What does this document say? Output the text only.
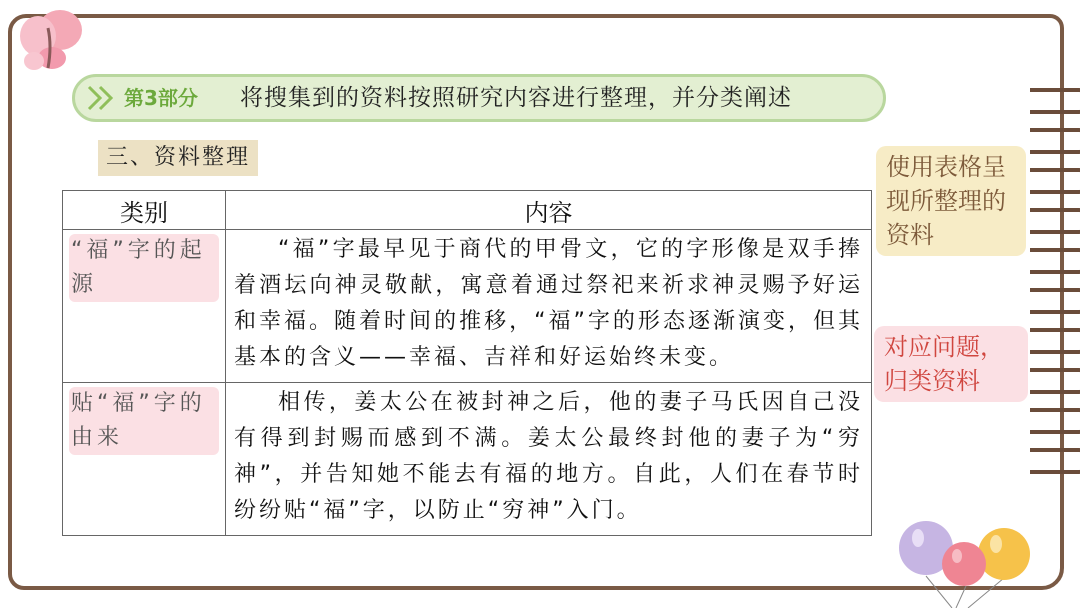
第3部分 将搜集到的资料按照研究内容进行整理，并分类阐述
三、资料整理
类别	内容

“福”字的起源	“福”字最早见于商代的甲骨文，它的字形像是双手捧着酒坛向神灵敬献，寓意着通过祭祀来祈求神灵赐予好运和幸福。随着时间的推移，“福”字的形态逐渐演变，但其基本的含义——幸福、吉祥和好运始终未变。

贴“福”字的由来	相传，姜太公在被封神之后，他的妻子马氏因自己没有得到封赐而感到不满。姜太公最终封他的妻子为“穷神”，并告知她不能去有福的地方。自此，人们在春节时纷纷贴“福”字，以防止“穷神”入门。
使用表格呈现所整理的资料
对应问题，归类资料
